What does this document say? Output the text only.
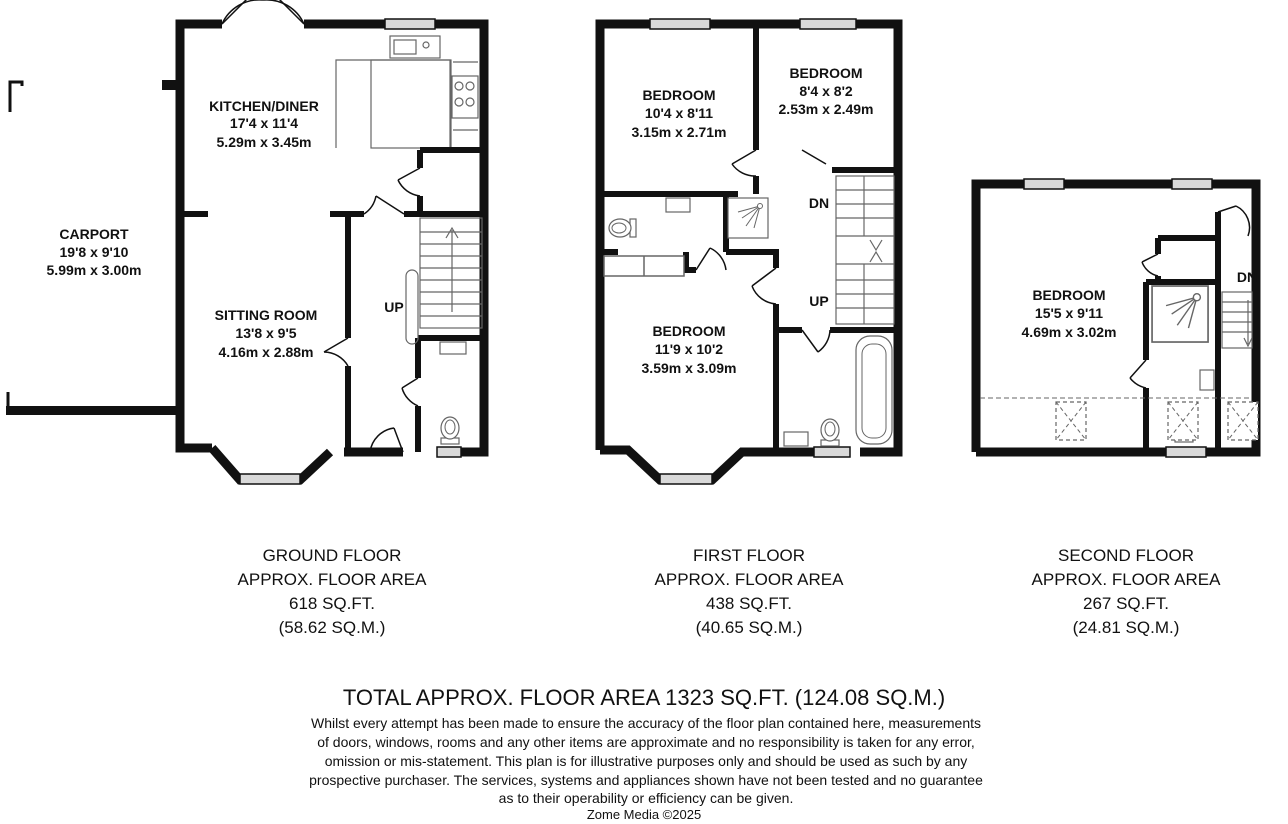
KITCHEN/DINER
17'4 x 11'4
5.29m x 3.45m
CARPORT
19'8 x 9'10
5.99m x 3.00m
SITTING ROOM
13'8 x 9'5
4.16m x 2.88m
UP
BEDROOM
10'4 x 8'11
3.15m x 2.71m
BEDROOM
8'4 x 8'2
2.53m x 2.49m
BEDROOM
11'9 x 10'2
3.59m x 3.09m
DN
UP	BEDROOM
15'5 x 9'11
4.69m x 3.02m
DN
GROUND FLOOR
APPROX. FLOOR AREA
618 SQ.FT.
(58.62 SQ.M.)
FIRST FLOOR
APPROX. FLOOR AREA
438 SQ.FT.
(40.65 SQ.M.)
SECOND FLOOR
APPROX. FLOOR AREA
267 SQ.FT.
(24.81 SQ.M.)
TOTAL APPROX. FLOOR AREA 1323 SQ.FT. (124.08 SQ.M.)
Whilst every attempt has been made to ensure the accuracy of the floor plan contained here, measurements
of doors, windows, rooms and any other items are approximate and no responsibility is taken for any error,
omission or mis-statement. This plan is for illustrative purposes only and should be used as such by any
prospective purchaser. The services, systems and appliances shown have not been tested and no guarantee
as to their operability or efficiency can be given.
Zome Media ©2025
